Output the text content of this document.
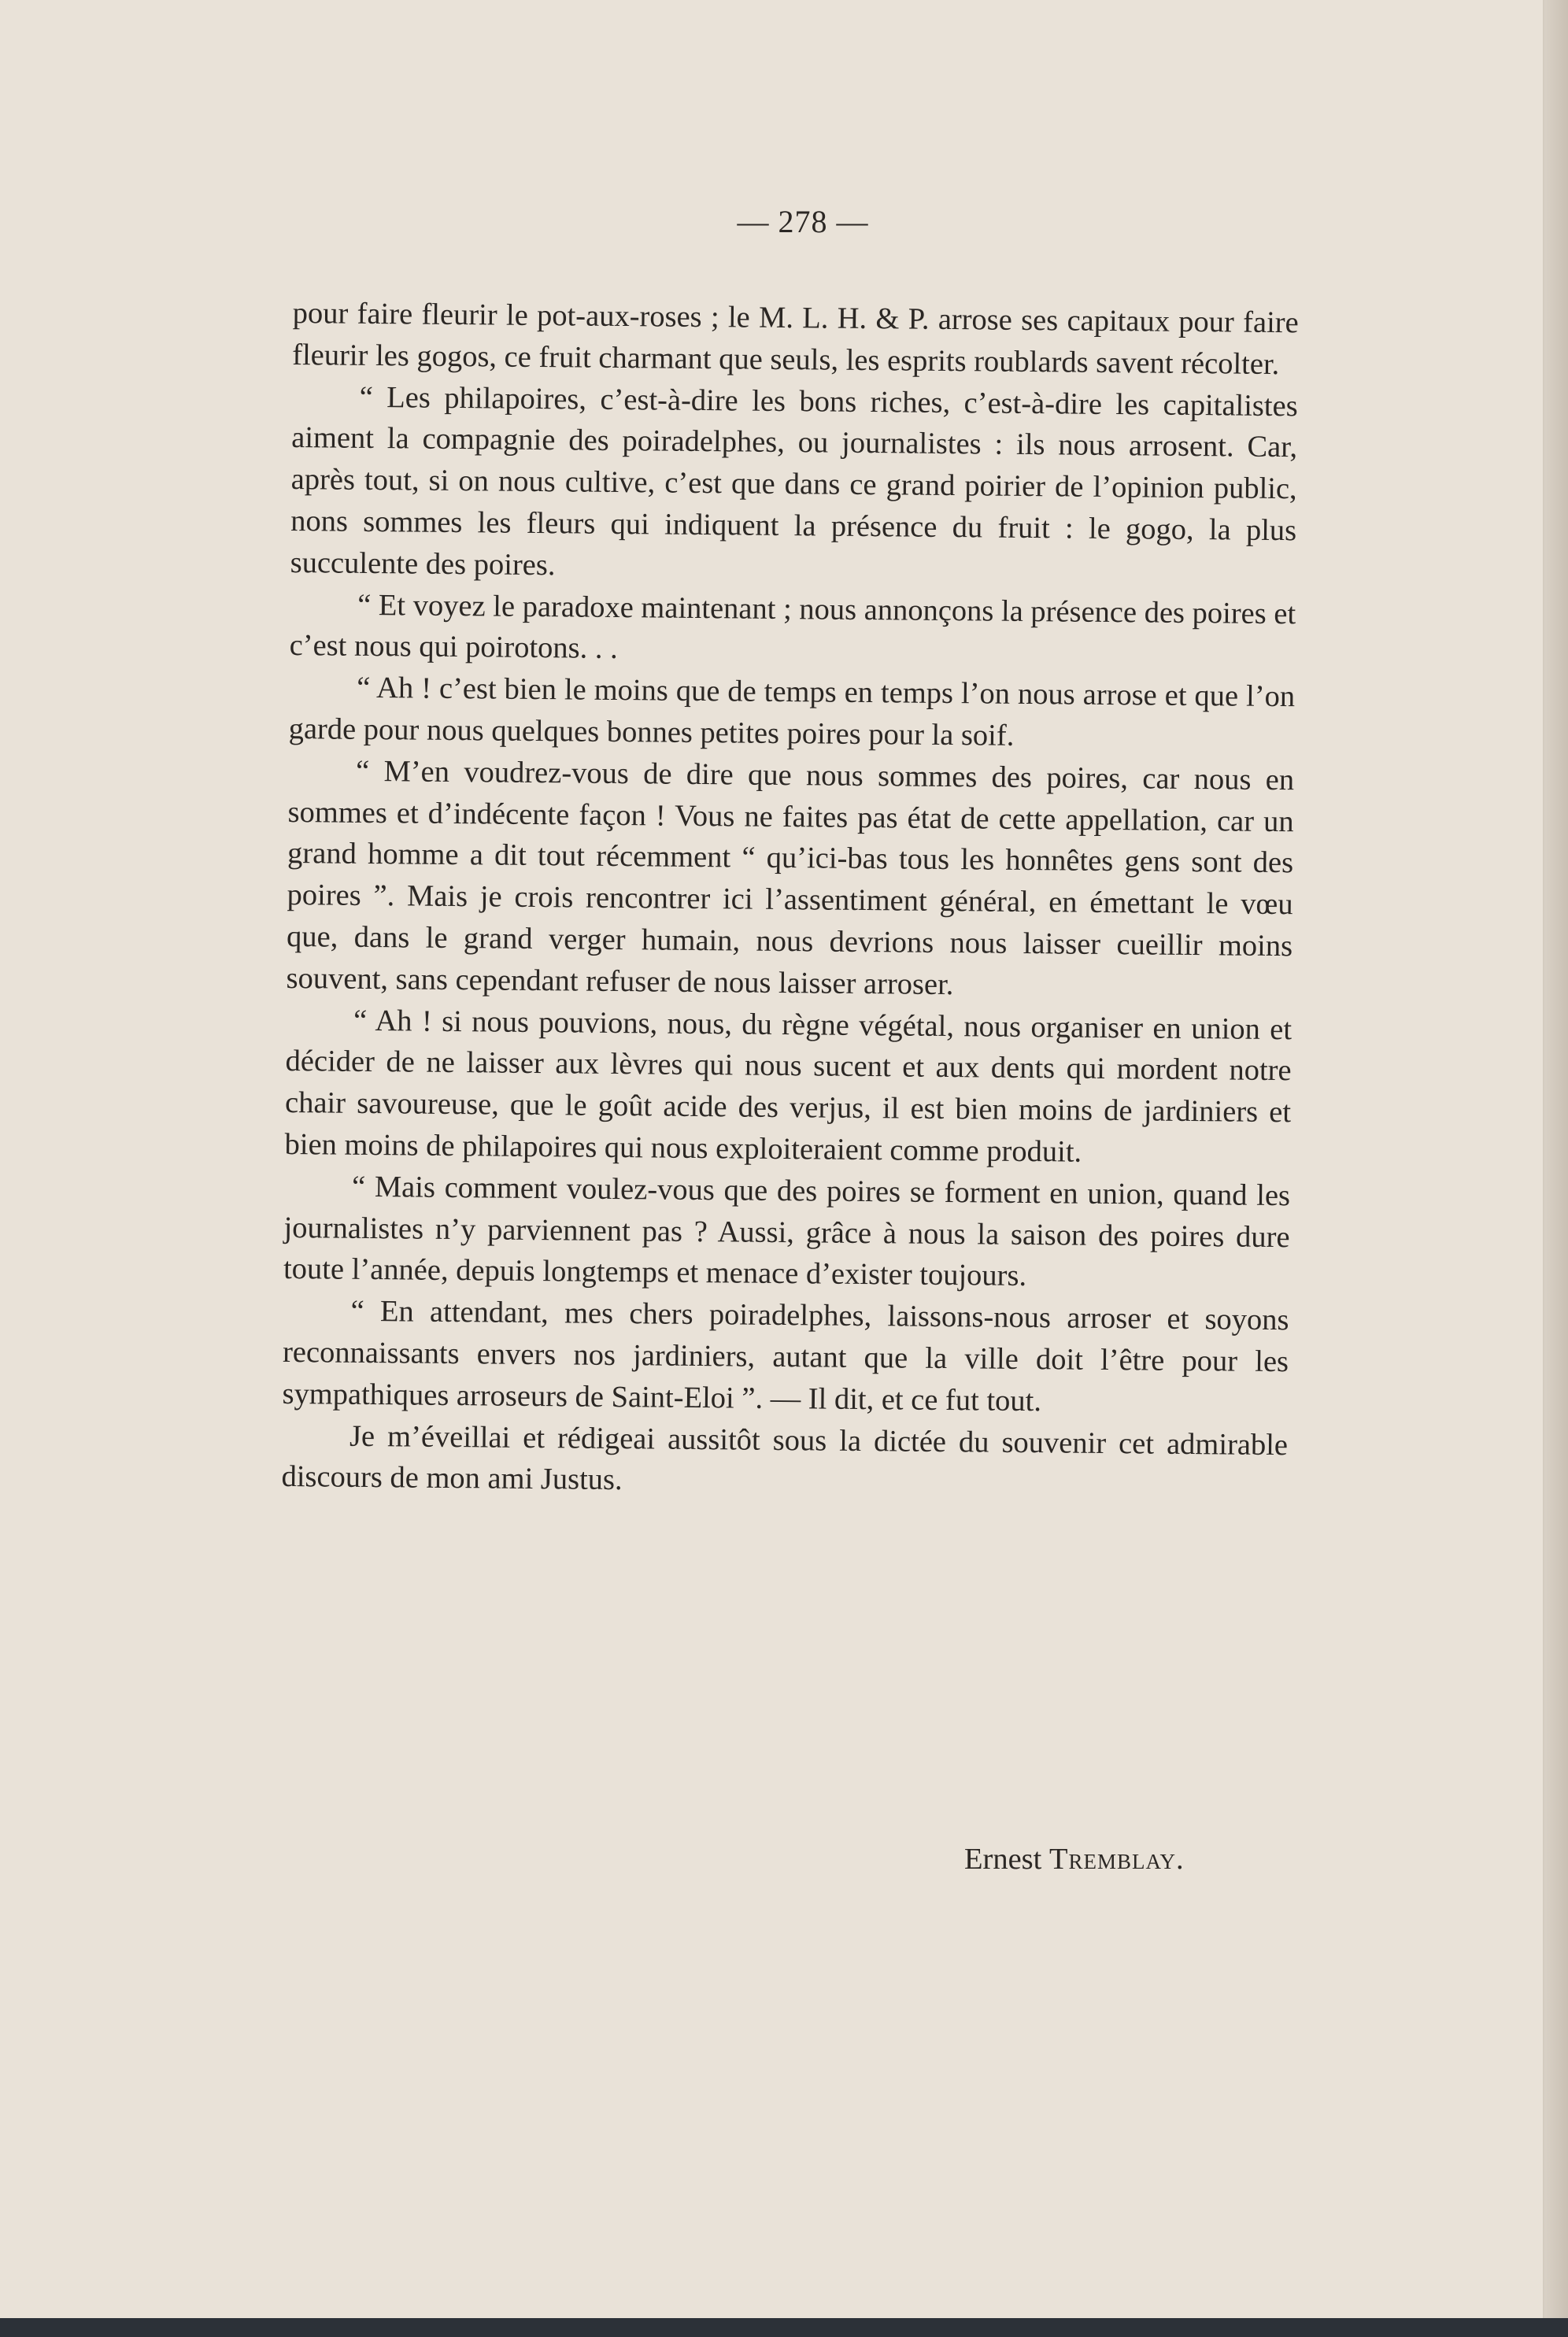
— 278 —

pour faire fleurir le pot-aux-roses ; le M. L. H. & P. arrose ses capitaux pour faire fleurir les gogos, ce fruit charmant que seuls, les esprits roublards savent récolter.

“ Les philapoires, c’est-à-dire les bons riches, c’est-à-dire les capitalistes aiment la compagnie des poiradelphes, ou journalistes : ils nous arrosent. Car, après tout, si on nous cultive, c’est que dans ce grand poirier de l’opinion public, nons sommes les fleurs qui indiquent la présence du fruit : le gogo, la plus succulente des poires.

“ Et voyez le paradoxe maintenant ; nous annonçons la présence des poires et c’est nous qui poirotons. . .

“ Ah ! c’est bien le moins que de temps en temps l’on nous arrose et que l’on garde pour nous quelques bonnes petites poires pour la soif.

“ M’en voudrez-vous de dire que nous sommes des poires, car nous en sommes et d’indécente façon ! Vous ne faites pas état de cette appellation, car un grand homme a dit tout récemment “ qu’ici-bas tous les honnêtes gens sont des poires ”. Mais je crois rencontrer ici l’assentiment général, en émettant le vœu que, dans le grand verger humain, nous devrions nous laisser cueillir moins souvent, sans cependant refuser de nous laisser arroser.

“ Ah ! si nous pouvions, nous, du règne végétal, nous organiser en union et décider de ne laisser aux lèvres qui nous sucent et aux dents qui mordent notre chair savoureuse, que le goût acide des verjus, il est bien moins de jardiniers et bien moins de philapoires qui nous exploiteraient comme produit.

“ Mais comment voulez-vous que des poires se forment en union, quand les journalistes n’y parviennent pas ? Aussi, grâce à nous la saison des poires dure toute l’année, depuis longtemps et menace d’exister toujours.

“ En attendant, mes chers poiradelphes, laissons-nous arroser et soyons reconnaissants envers nos jardiniers, autant que la ville doit l’être pour les sympathiques arroseurs de Saint-Eloi ”. — Il dit, et ce fut tout.

Je m’éveillai et rédigeai aussitôt sous la dictée du souvenir cet admirable discours de mon ami Justus.

Ernest Tremblay.
